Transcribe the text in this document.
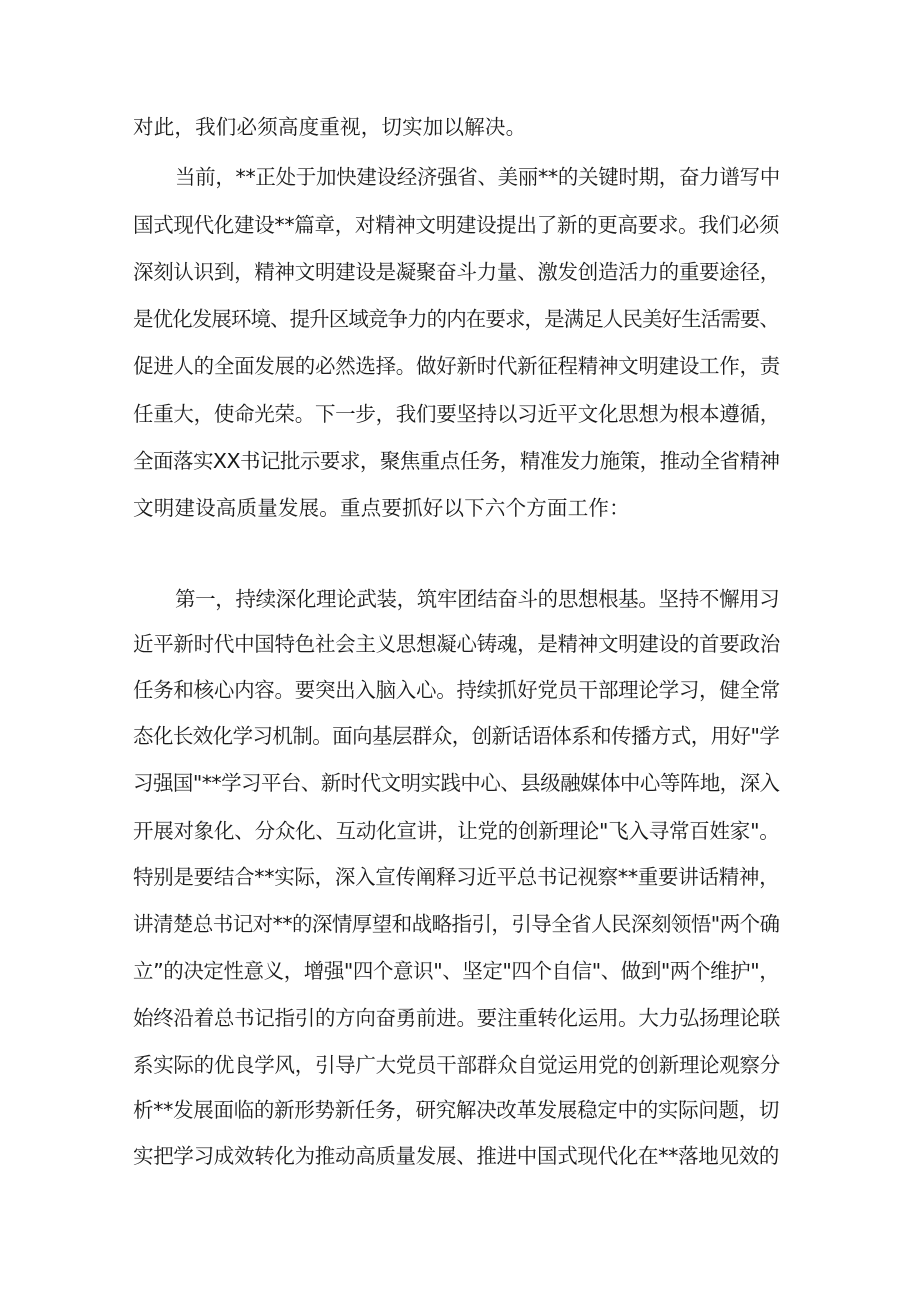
对此，我们必须高度重视，切实加以解决。
当前，**正处于加快建设经济强省、美丽**的关键时期，奋力谱写中
国式现代化建设**篇章，对精神文明建设提出了新的更高要求。我们必须
深刻认识到，精神文明建设是凝聚奋斗力量、激发创造活力的重要途径，
是优化发展环境、提升区域竞争力的内在要求，是满足人民美好生活需要、
促进人的全面发展的必然选择。做好新时代新征程精神文明建设工作，责
任重大，使命光荣。下一步，我们要坚持以习近平文化思想为根本遵循，
全面落实XX书记批示要求，聚焦重点任务，精准发力施策，推动全省精神
文明建设高质量发展。重点要抓好以下六个方面工作：
第一，持续深化理论武装，筑牢团结奋斗的思想根基。坚持不懈用习
近平新时代中国特色社会主义思想凝心铸魂，是精神文明建设的首要政治
任务和核心内容。要突出入脑入心。持续抓好党员干部理论学习，健全常
态化长效化学习机制。面向基层群众，创新话语体系和传播方式，用好"学
习强国"**学习平台、新时代文明实践中心、县级融媒体中心等阵地，深入
开展对象化、分众化、互动化宣讲，让党的创新理论"飞入寻常百姓家"。
特别是要结合**实际，深入宣传阐释习近平总书记视察**重要讲话精神，
讲清楚总书记对**的深情厚望和战略指引，引导全省人民深刻领悟"两个确
立”的决定性意义，增强"四个意识"、坚定"四个自信"、做到"两个维护"，
始终沿着总书记指引的方向奋勇前进。要注重转化运用。大力弘扬理论联
系实际的优良学风，引导广大党员干部群众自觉运用党的创新理论观察分
析**发展面临的新形势新任务，研究解决改革发展稳定中的实际问题，切
实把学习成效转化为推动高质量发展、推进中国式现代化在**落地见效的
